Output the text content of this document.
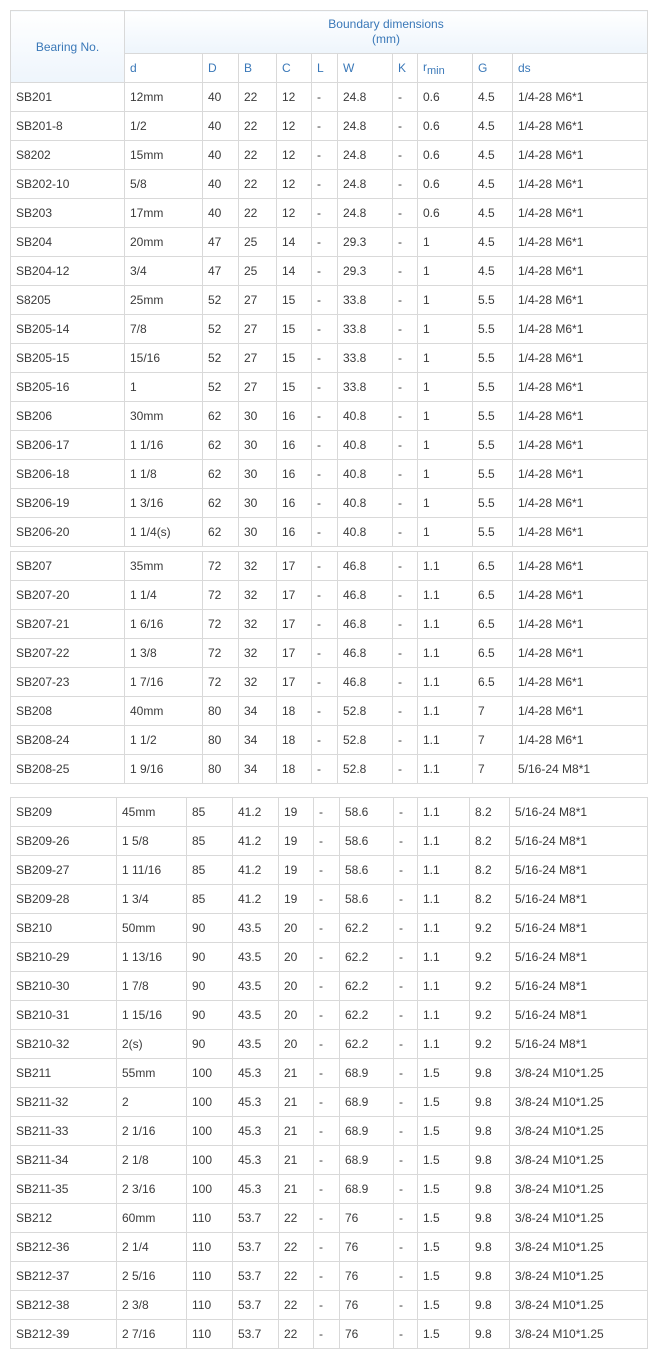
Bearing No.	Boundary dimensions
(mm)									

	d	D	B	C	L	W	K	$r_{min}$	G	ds
SB201	12mm	40	22	12	-	24.8	-	0.6	4.5	1/4-28 M6*1
SB201-8	1/2	40	22	12	-	24.8	-	0.6	4.5	1/4-28 M6*1
S8202	15mm	40	22	12	-	24.8	-	0.6	4.5	1/4-28 M6*1
SB202-10	5/8	40	22	12	-	24.8	-	0.6	4.5	1/4-28 M6*1
SB203	17mm	40	22	12	-	24.8	-	0.6	4.5	1/4-28 M6*1
SB204	20mm	47	25	14	-	29.3	-	1	4.5	1/4-28 M6*1
SB204-12	3/4	47	25	14	-	29.3	-	1	4.5	1/4-28 M6*1
S8205	25mm	52	27	15	-	33.8	-	1	5.5	1/4-28 M6*1
SB205-14	7/8	52	27	15	-	33.8	-	1	5.5	1/4-28 M6*1
SB205-15	15/16	52	27	15	-	33.8	-	1	5.5	1/4-28 M6*1
SB205-16	1	52	27	15	-	33.8	-	1	5.5	1/4-28 M6*1
SB206	30mm	62	30	16	-	40.8	-	1	5.5	1/4-28 M6*1
SB206-17	1 1/16	62	30	16	-	40.8	-	1	5.5	1/4-28 M6*1
SB206-18	1 1/8	62	30	16	-	40.8	-	1	5.5	1/4-28 M6*1
SB206-19	1 3/16	62	30	16	-	40.8	-	1	5.5	1/4-28 M6*1
SB206-20	1 1/4(s)	62	30	16	-	40.8	-	1	5.5	1/4-28 M6*1
SB207	35mm	72	32	17	-	46.8	-	1.1	6.5	1/4-28 M6*1
SB207-20	1 1/4	72	32	17	-	46.8	-	1.1	6.5	1/4-28 M6*1
SB207-21	1 6/16	72	32	17	-	46.8	-	1.1	6.5	1/4-28 M6*1
SB207-22	1 3/8	72	32	17	-	46.8	-	1.1	6.5	1/4-28 M6*1
SB207-23	1 7/16	72	32	17	-	46.8	-	1.1	6.5	1/4-28 M6*1
SB208	40mm	80	34	18	-	52.8	-	1.1	7	1/4-28 M6*1
SB208-24	1 1/2	80	34	18	-	52.8	-	1.1	7	1/4-28 M6*1
SB208-25	1 9/16	80	34	18	-	52.8	-	1.1	7	5/16-24 M8*1
SB209	45mm	85	41.2	19	-	58.6	-	1.1	8.2	5/16-24 M8*1
SB209-26	1 5/8	85	41.2	19	-	58.6	-	1.1	8.2	5/16-24 M8*1
SB209-27	1 11/16	85	41.2	19	-	58.6	-	1.1	8.2	5/16-24 M8*1
SB209-28	1 3/4	85	41.2	19	-	58.6	-	1.1	8.2	5/16-24 M8*1
SB210	50mm	90	43.5	20	-	62.2	-	1.1	9.2	5/16-24 M8*1
SB210-29	1 13/16	90	43.5	20	-	62.2	-	1.1	9.2	5/16-24 M8*1
SB210-30	1 7/8	90	43.5	20	-	62.2	-	1.1	9.2	5/16-24 M8*1
SB210-31	1 15/16	90	43.5	20	-	62.2	-	1.1	9.2	5/16-24 M8*1
SB210-32	2(s)	90	43.5	20	-	62.2	-	1.1	9.2	5/16-24 M8*1
SB211	55mm	100	45.3	21	-	68.9	-	1.5	9.8	3/8-24 M10*1.25
SB211-32	2	100	45.3	21	-	68.9	-	1.5	9.8	3/8-24 M10*1.25
SB211-33	2 1/16	100	45.3	21	-	68.9	-	1.5	9.8	3/8-24 M10*1.25
SB211-34	2 1/8	100	45.3	21	-	68.9	-	1.5	9.8	3/8-24 M10*1.25
SB211-35	2 3/16	100	45.3	21	-	68.9	-	1.5	9.8	3/8-24 M10*1.25
SB212	60mm	110	53.7	22	-	76	-	1.5	9.8	3/8-24 M10*1.25
SB212-36	2 1/4	110	53.7	22	-	76	-	1.5	9.8	3/8-24 M10*1.25
SB212-37	2 5/16	110	53.7	22	-	76	-	1.5	9.8	3/8-24 M10*1.25
SB212-38	2 3/8	110	53.7	22	-	76	-	1.5	9.8	3/8-24 M10*1.25
SB212-39	2 7/16	110	53.7	22	-	76	-	1.5	9.8	3/8-24 M10*1.25
